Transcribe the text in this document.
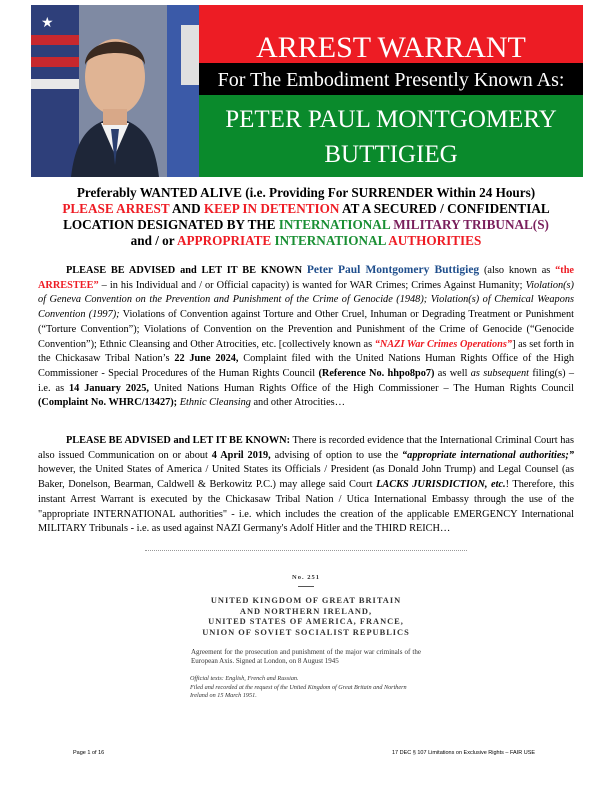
★
ARREST WARRANT
For The Embodiment Presently Known As:
PETER PAUL MONTGOMERY
BUTTIGIEG
Preferably WANTED ALIVE (i.e. Providing For SURRENDER Within 24 Hours)
PLEASE ARREST AND KEEP IN DETENTION AT A SECURED / CONFIDENTIAL
LOCATION DESIGNATED BY THE INTERNATIONAL MILITARY TRIBUNAL(S)
and / or APPROPRIATE INTERNATIONAL AUTHORITIES
PLEASE BE ADVISED and LET IT BE KNOWN Peter Paul Montgomery Buttigieg (also known as “the ARRESTEE” – in his Individual and / or Official capacity) is wanted for WAR Crimes; Crimes Against Humanity; Violation(s) of Geneva Convention on the Prevention and Punishment of the Crime of Genocide (1948); Violation(s) of Chemical Weapons Convention (1997); Violations of Convention against Torture and Other Cruel, Inhuman or Degrading Treatment or Punishment (“Torture Convention”); Violations of Convention on the Prevention and Punishment of the Crime of Genocide (“Genocide Convention”); Ethnic Cleansing and Other Atrocities, etc. [collectively known as “NAZI War Crimes Operations”] as set forth in the Chickasaw Tribal Nation’s 22 June 2024, Complaint filed with the United Nations Human Rights Office of the High Commissioner - Special Procedures of the Human Rights Council (Reference No. hhpo8po7) as well as subsequent filing(s) – i.e. as 14 January 2025, United Nations Human Rights Office of the High Commissioner – The Human Rights Council (Complaint No. WHRC/13427); Ethnic Cleansing and other Atrocities…
PLEASE BE ADVISED and LET IT BE KNOWN: There is recorded evidence that the International Criminal Court has also issued Communication on or about 4 April 2019, advising of option to use the “appropriate international authorities;” however, the United States of America / United States its Officials / President (as Donald John Trump) and Legal Counsel (as Baker, Donelson, Bearman, Caldwell & Berkowitz P.C.) may allege said Court LACKS JURISDICTION, etc.! Therefore, this instant Arrest Warrant is executed by the Chickasaw Tribal Nation / Utica International Embassy through the use of the "appropriate INTERNATIONAL authorities" - i.e. which includes the creation of the applicable EMERGENCY International MILITARY Tribunals - i.e. as used against NAZI Germany's Adolf Hitler and the THIRD REICH…
No. 251
UNITED KINGDOM OF GREAT BRITAIN
AND NORTHERN IRELAND,
UNITED STATES OF AMERICA, FRANCE,
UNION OF SOVIET SOCIALIST REPUBLICS
Agreement for the prosecution and punishment of the major war criminals of the European Axis. Signed at London, on 8 August 1945
Official texts: English, French and Russian.
Filed and recorded at the request of the United Kingdom of Great Britain and Northern Ireland on 15 March 1951.
Page 1 of 16	17 DEC § 107 Limitations on Exclusive Rights – FAIR USE
